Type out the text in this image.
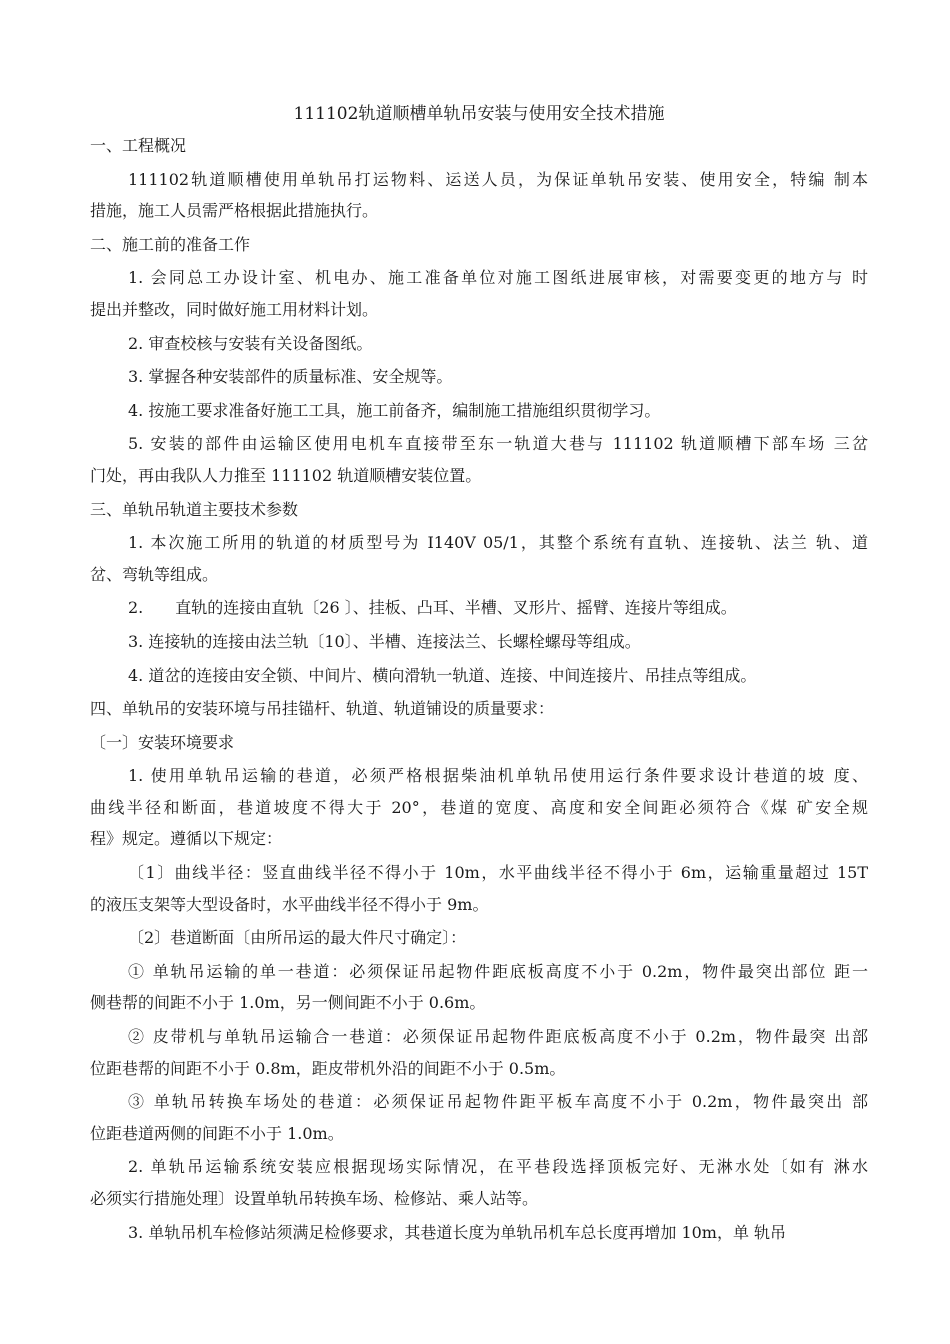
111102轨道顺槽单轨吊安装与使用安全技术措施
一、工程概况
111102轨道顺槽使用单轨吊打运物料、运送人员，为保证单轨吊安装、使用安全，特编 制本
措施，施工人员需严格根据此措施执行。
二、施工前的准备工作
1. 会同总工办设计室、机电办、施工准备单位对施工图纸进展审核，对需要变更的地方与 时
提出并整改，同时做好施工用材料计划。
2. 审查校核与安装有关设备图纸。
3. 掌握各种安装部件的质量标准、安全规等。
4. 按施工要求准备好施工工具，施工前备齐，编制施工措施组织贯彻学习。
5. 安装的部件由运输区使用电机车直接带至东一轨道大巷与 111102 轨道顺槽下部车场 三岔
门处，再由我队人力推至 111102 轨道顺槽安装位置。
三、单轨吊轨道主要技术参数
1. 本次施工所用的轨道的材质型号为 I140V 05/1，其整个系统有直轨、连接轨、法兰 轨、道
岔、弯轨等组成。
2.　　直轨的连接由直轨〔26 〕、挂板、凸耳、半槽、叉形片、摇臂、连接片等组成。
3. 连接轨的连接由法兰轨〔10〕、半槽、连接法兰、长螺栓螺母等组成。
4. 道岔的连接由安全锁、中间片、横向滑轨一轨道、连接、中间连接片、吊挂点等组成。
四、单轨吊的安装环境与吊挂锚杆、轨道、轨道铺设的质量要求：
〔一〕安装环境要求
1. 使用单轨吊运输的巷道，必须严格根据柴油机单轨吊使用运行条件要求设计巷道的坡 度、
曲线半径和断面，巷道坡度不得大于 20°，巷道的宽度、高度和安全间距必须符合《煤 矿安全规
程》规定。遵循以下规定：
〔1〕曲线半径：竖直曲线半径不得小于 10m，水平曲线半径不得小于 6m，运输重量超过 15T
的液压支架等大型设备时，水平曲线半径不得小于 9m。
〔2〕巷道断面〔由所吊运的最大件尺寸确定〕：
① 单轨吊运输的单一巷道：必须保证吊起物件距底板高度不小于 0.2m，物件最突出部位 距一
侧巷帮的间距不小于 1.0m，另一侧间距不小于 0.6m。
② 皮带机与单轨吊运输合一巷道：必须保证吊起物件距底板高度不小于 0.2m，物件最突 出部
位距巷帮的间距不小于 0.8m，距皮带机外沿的间距不小于 0.5m。
③ 单轨吊转换车场处的巷道：必须保证吊起物件距平板车高度不小于 0.2m，物件最突出 部
位距巷道两侧的间距不小于 1.0m。
2. 单轨吊运输系统安装应根据现场实际情况，在平巷段选择顶板完好、无淋水处〔如有 淋水
必须实行措施处理〕设置单轨吊转换车场、检修站、乘人站等。
3. 单轨吊机车检修站须满足检修要求，其巷道长度为单轨吊机车总长度再增加 10m，单 轨吊
